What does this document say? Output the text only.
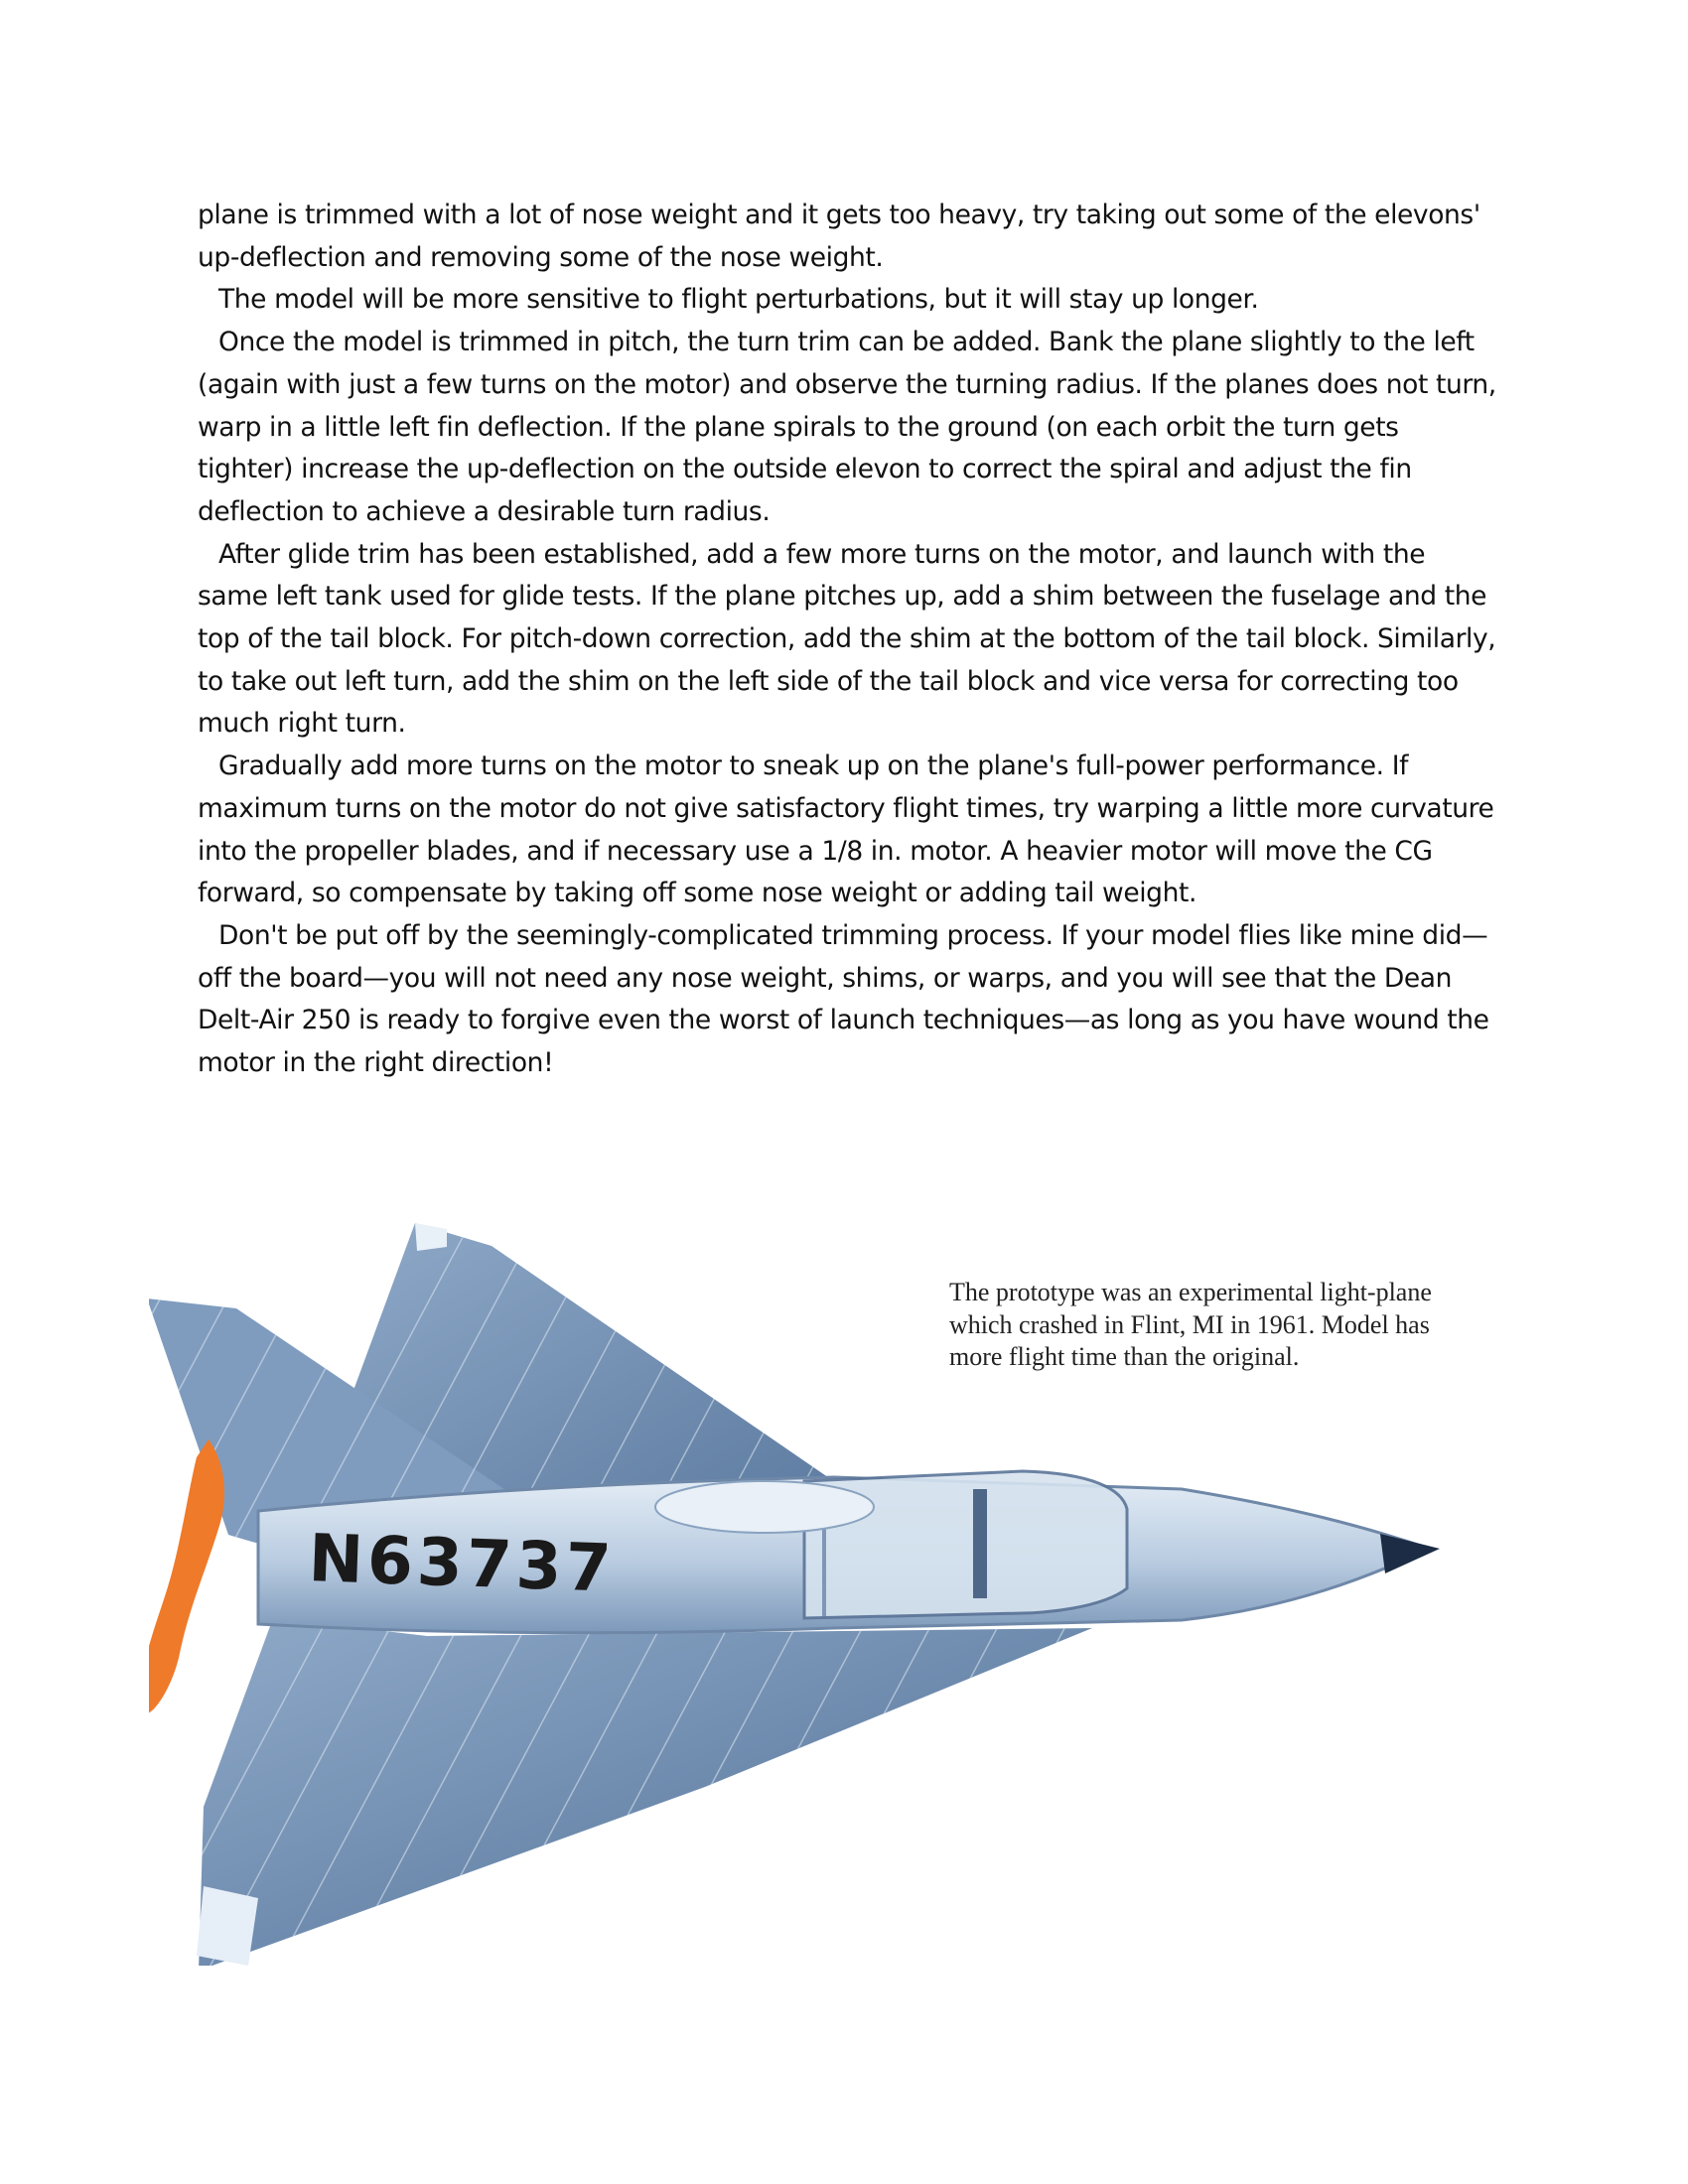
plane is trimmed with a lot of nose weight and it gets too heavy, try taking out some of the elevons' up-deflection and removing some of the nose weight.

The model will be more sensitive to flight perturbations, but it will stay up longer.

Once the model is trimmed in pitch, the turn trim can be added. Bank the plane slightly to the left (again with just a few turns on the motor) and observe the turning radius. If the planes does not turn, warp in a little left fin deflection. If the plane spirals to the ground (on each orbit the turn gets tighter) increase the up-deflection on the outside elevon to correct the spiral and adjust the fin deflection to achieve a desirable turn radius.

After glide trim has been established, add a few more turns on the motor, and launch with the same left tank used for glide tests. If the plane pitches up, add a shim between the fuselage and the top of the tail block. For pitch-down correction, add the shim at the bottom of the tail block. Similarly, to take out left turn, add the shim on the left side of the tail block and vice versa for correcting too much right turn.

Gradually add more turns on the motor to sneak up on the plane's full-power performance. If maximum turns on the motor do not give satisfactory flight times, try warping a little more curvature into the propeller blades, and if necessary use a 1/8 in. motor. A heavier motor will move the CG forward, so compensate by taking off some nose weight or adding tail weight.

Don't be put off by the seemingly-complicated trimming process. If your model flies like mine did—off the board—you will not need any nose weight, shims, or warps, and you will see that the Dean Delt-Air 250 is ready to forgive even the worst of launch techniques—as long as you have wound the motor in the right direction!

N63737
The prototype was an experimental light-plane which crashed in Flint, MI in 1961. Model has more flight time than the original.
